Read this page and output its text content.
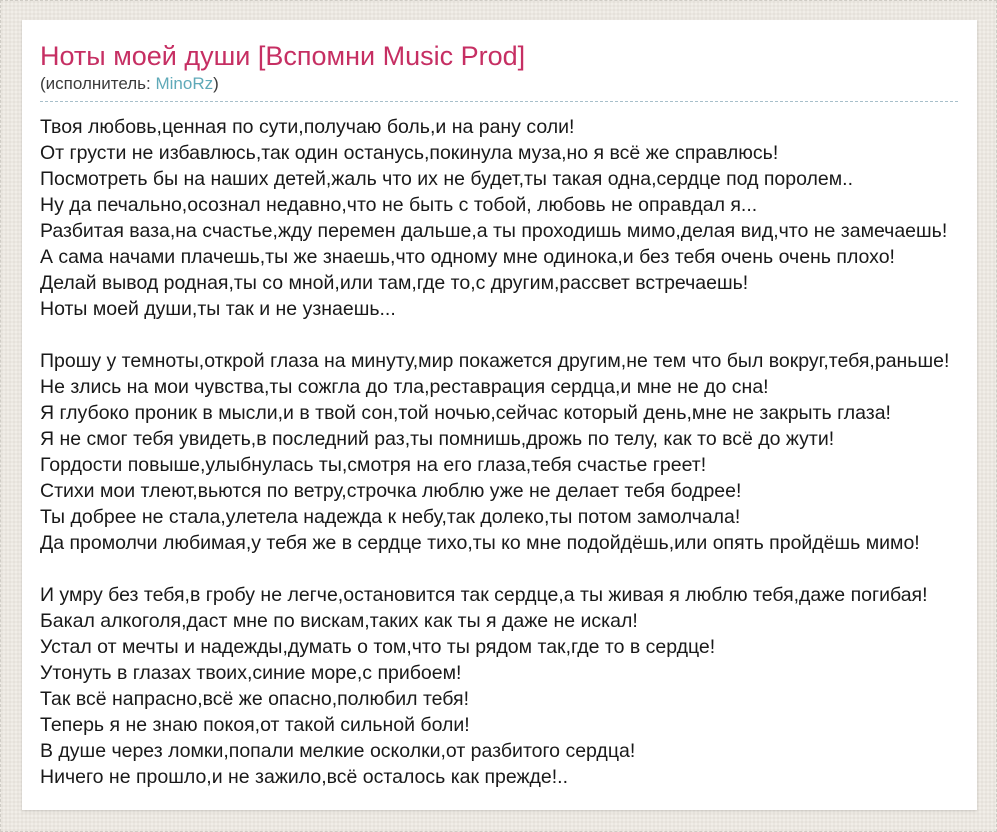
Ноты моей души [Вспомни Music Prod]
(исполнитель: MinoRz)
Твоя любовь,ценная по сути,получаю боль,и на рану соли!
От грусти не избавлюсь,так один останусь,покинула муза,но я всё же справлюсь!
Посмотреть бы на наших детей,жаль что их не будет,ты такая одна,сердце под поролем..
Ну да печально,осознал недавно,что не быть с тобой, любовь не оправдал я...
Разбитая ваза,на счастье,жду перемен дальше,а ты проходишь мимо,делая вид,что не замечаешь!
А сама начами плачешь,ты же знаешь,что одному мне одинока,и без тебя очень очень плохо!
Делай вывод родная,ты со мной,или там,где то,с другим,рассвет встречаешь!
Ноты моей души,ты так и не узнаешь...
Прошу у темноты,открой глаза на минуту,мир покажется другим,не тем что был вокруг,тебя,раньше!
Не злись на мои чувства,ты сожгла до тла,реставрация сердца,и мне не до сна!
Я глубоко проник в мысли,и в твой сон,той ночью,сейчас который день,мне не закрыть глаза!
Я не смог тебя увидеть,в последний раз,ты помнишь,дрожь по телу, как то всё до жути!
Гордости повыше,улыбнулась ты,смотря на его глаза,тебя счастье греет!
Стихи мои тлеют,вьются по ветру,строчка люблю уже не делает тебя бодрее!
Ты добрее не стала,улетела надежда к небу,так долеко,ты потом замолчала!
Да промолчи любимая,у тебя же в сердце тихо,ты ко мне подойдёшь,или опять пройдёшь мимо!
И умру без тебя,в гробу не легче,остановится так сердце,а ты живая я люблю тебя,даже погибая!
Бакал алкоголя,даст мне по вискам,таких как ты я даже не искал!
Устал от мечты и надежды,думать о том,что ты рядом так,где то в сердце!
Утонуть в глазах твоих,синие море,с прибоем!
Так всё напрасно,всё же опасно,полюбил тебя!
Теперь я не знаю покоя,от такой сильной боли!
В душе через ломки,попали мелкие осколки,от разбитого сердца!
Ничего не прошло,и не зажило,всё осталось как прежде!..
